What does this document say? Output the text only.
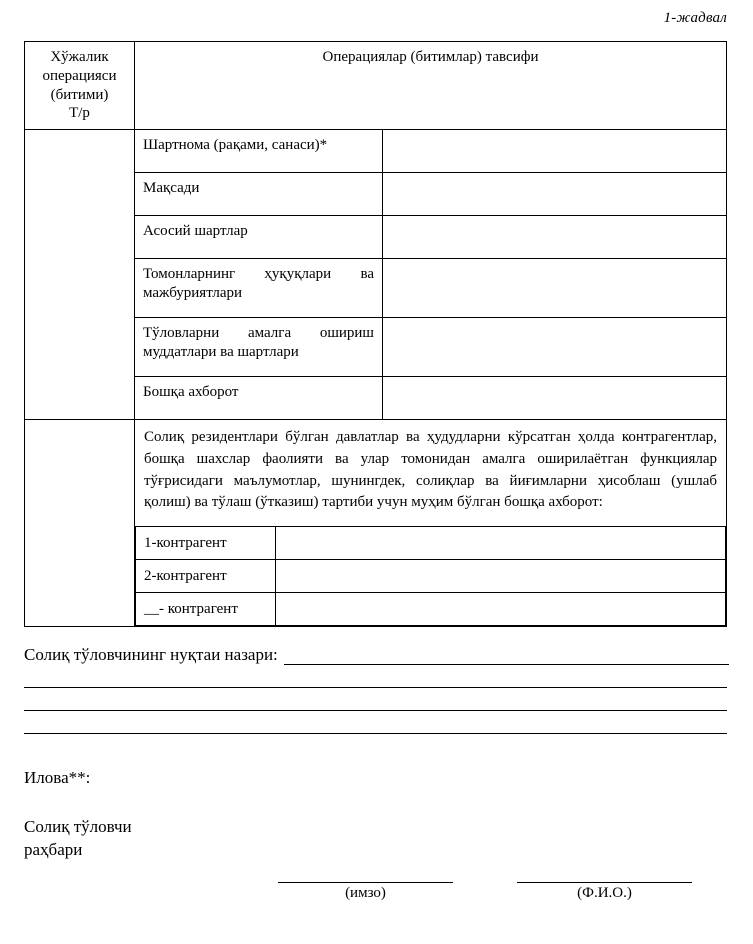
1-жадвал
Хўжалик
операцияси
(битими)
Т/р
	Операциялар (битимлар) тавсифи
	Шартнома (рақами, санаси)*	
Мақсади	
Асосий шартлар	
Томонларнинг ҳуқуқлари ва мажбуриятлари	
Тўловларни амалга ошириш муддатлари ва шартлари	
Бошқа ахборот	

Солиқ резидентлари бўлган давлатлар ва ҳудудларни кўрсатган ҳолда контрагентлар, бошқа шахслар фаолияти ва улар томонидан амалга оширилаётган функциялар тўғрисидаги маълумотлар, шунингдек, солиқлар ва йиғимларни ҳисоблаш (ушлаб қолиш) ва тўлаш (ўтказиш) тартиби учун муҳим бўлган бошқа ахборот:
1-контрагент	
2-контрагент	
__- контрагент	
Солиқ тўловчининг нуқтаи назари:
Илова**:
Солиқ тўловчи
раҳбари
(имзо)	(Ф.И.О.)
